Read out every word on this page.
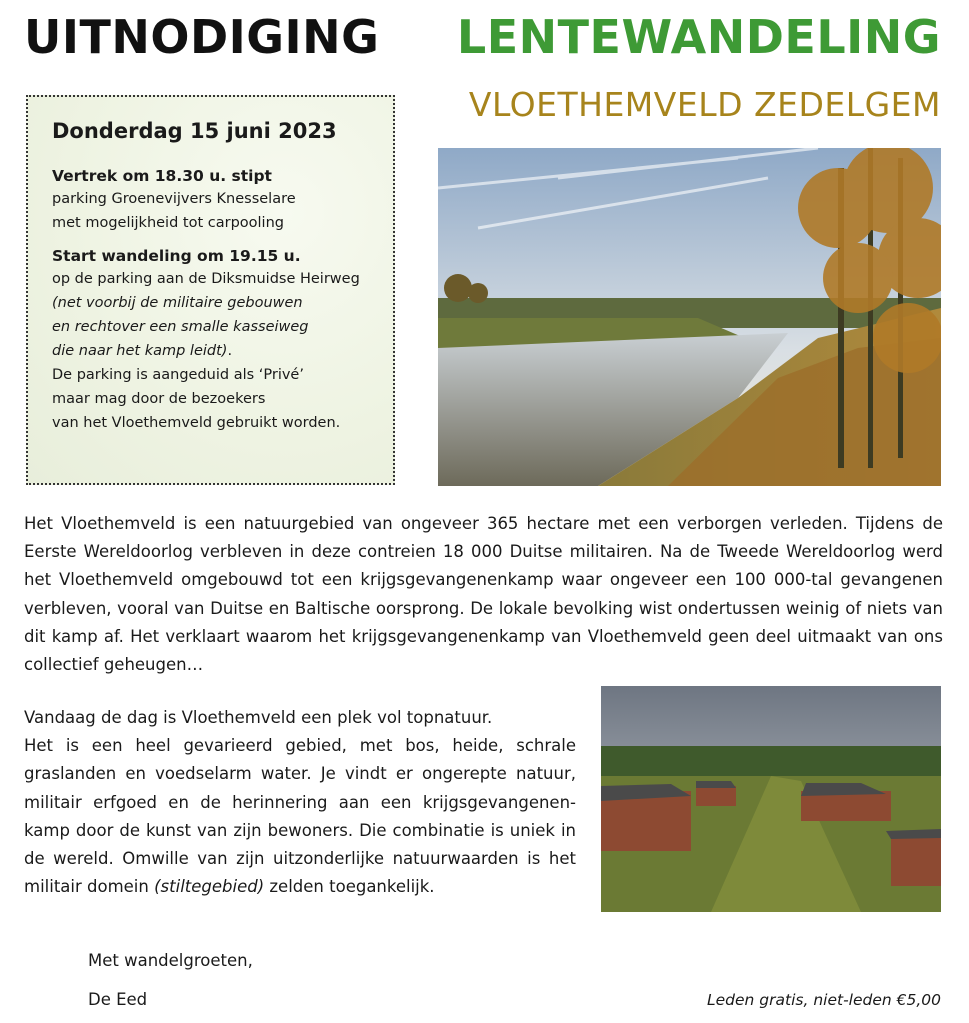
UITNODIGING LENTEWANDELING
VLOETHEMVELD ZEDELGEM
Donderdag 15 juni 2023
Vertrek om 18.30 u. stipt
parking Groenevijvers Knesselare
met mogelijkheid tot carpooling
Start wandeling om 19.15 u.
op de parking aan de Diksmuidse Heirweg
(net voorbij de militaire gebouwen
en rechtover een smalle kasseiweg
die naar het kamp leidt).
De parking is aangeduid als ‘Privé’
maar mag door de bezoekers
van het Vloethemveld gebruikt worden.

Het Vloethemveld is een natuurgebied van ongeveer 365 hectare met een verborgen verleden. Tijdens de Eerste Wereldoorlog verbleven in deze contreien 18 000 Duitse militairen. Na de Tweede Wereldoorlog werd het Vloethemveld omgebouwd tot een krijgsgevangenenkamp waar ongeveer een 100 000-tal gevangenen verbleven, vooral van Duitse en Baltische oorsprong. De lokale bevolking wist ondertussen weinig of niets van dit kamp af. Het verklaart waarom het krijgsgevangenenkamp van Vloethemveld geen deel uitmaakt van ons collectief geheugen…

Vandaag de dag is Vloethemveld een plek vol topnatuur.

Het is een heel gevarieerd gebied, met bos, heide, schrale graslanden en voedselarm water. Je vindt er ongerepte natuur, militair erfgoed en de herinnering aan een krijgsgevangenen-kamp door de kunst van zijn bewoners. Die combinatie is uniek in de wereld. Omwille van zijn uitzonderlijke natuurwaarden is het militair domein (stiltegebied) zelden toegankelijk.

Met wandelgroeten,
De Eed	Leden gratis, niet-leden €5,00
